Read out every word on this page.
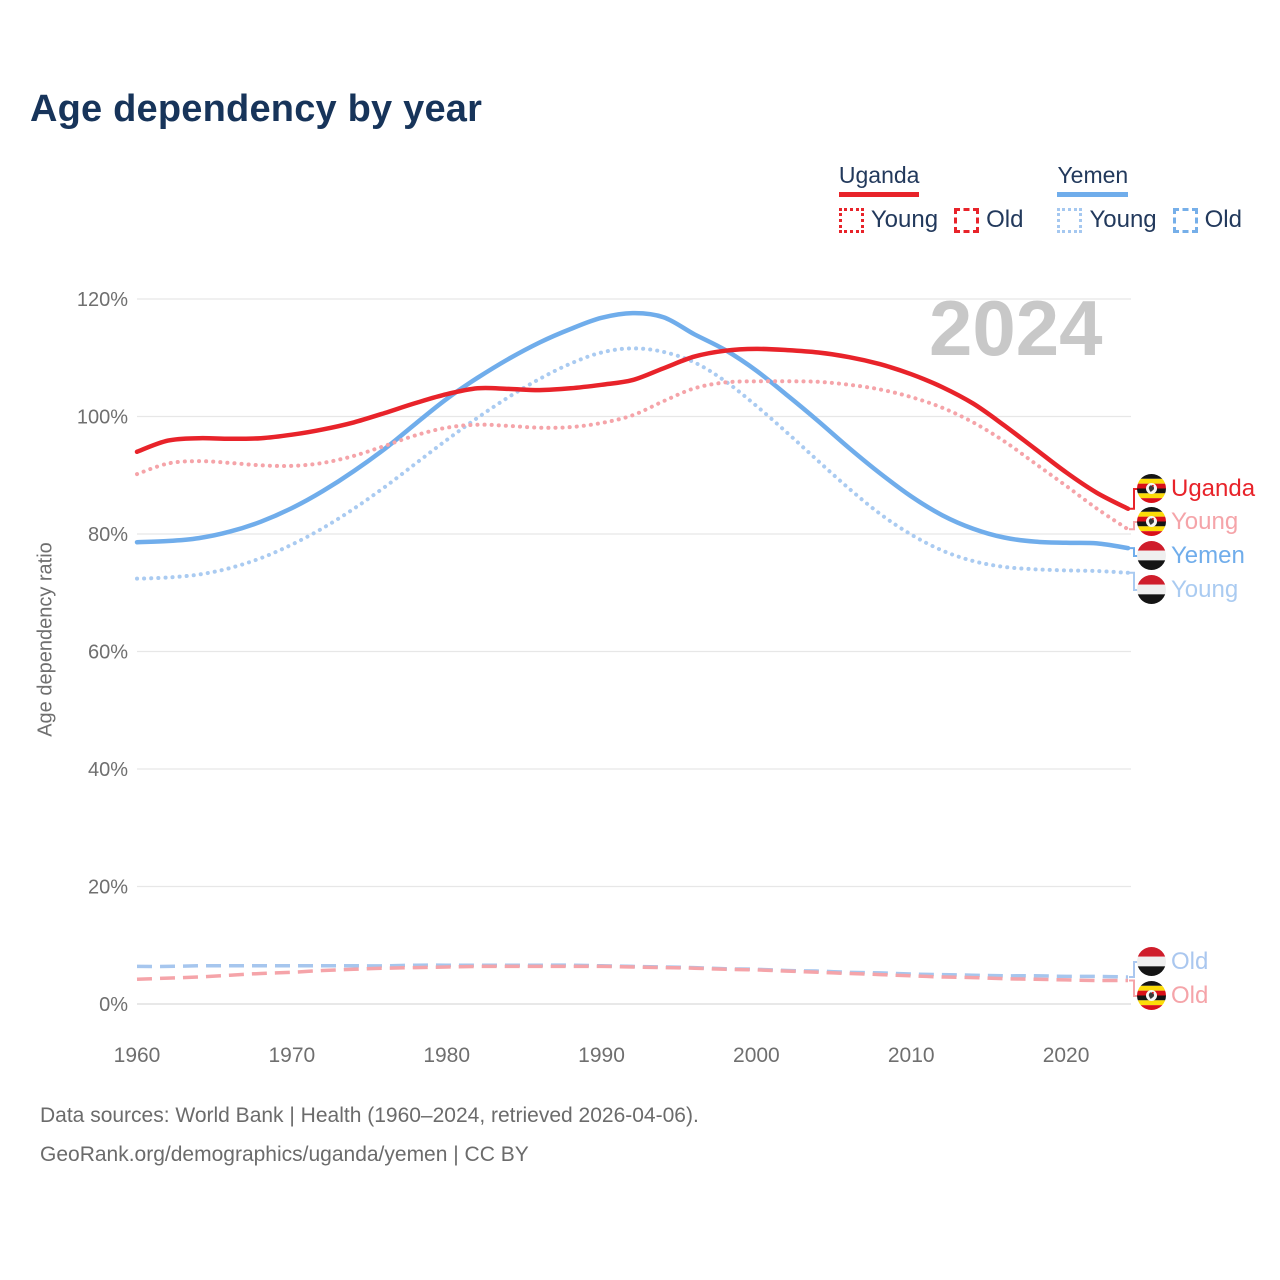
Age dependency by year
Uganda
Young Old
Yemen
Young Old
2024
Age dependency ratio
0%
20%
40%
60%
80%
100%
120%
1960	1970	1980	1990	2000	2010	2020
Uganda
Young
Yemen
Young
Old
Old
Data sources: World Bank | Health (1960–2024, retrieved 2026-04-06).
GeoRank.org/demographics/uganda/yemen | CC BY
